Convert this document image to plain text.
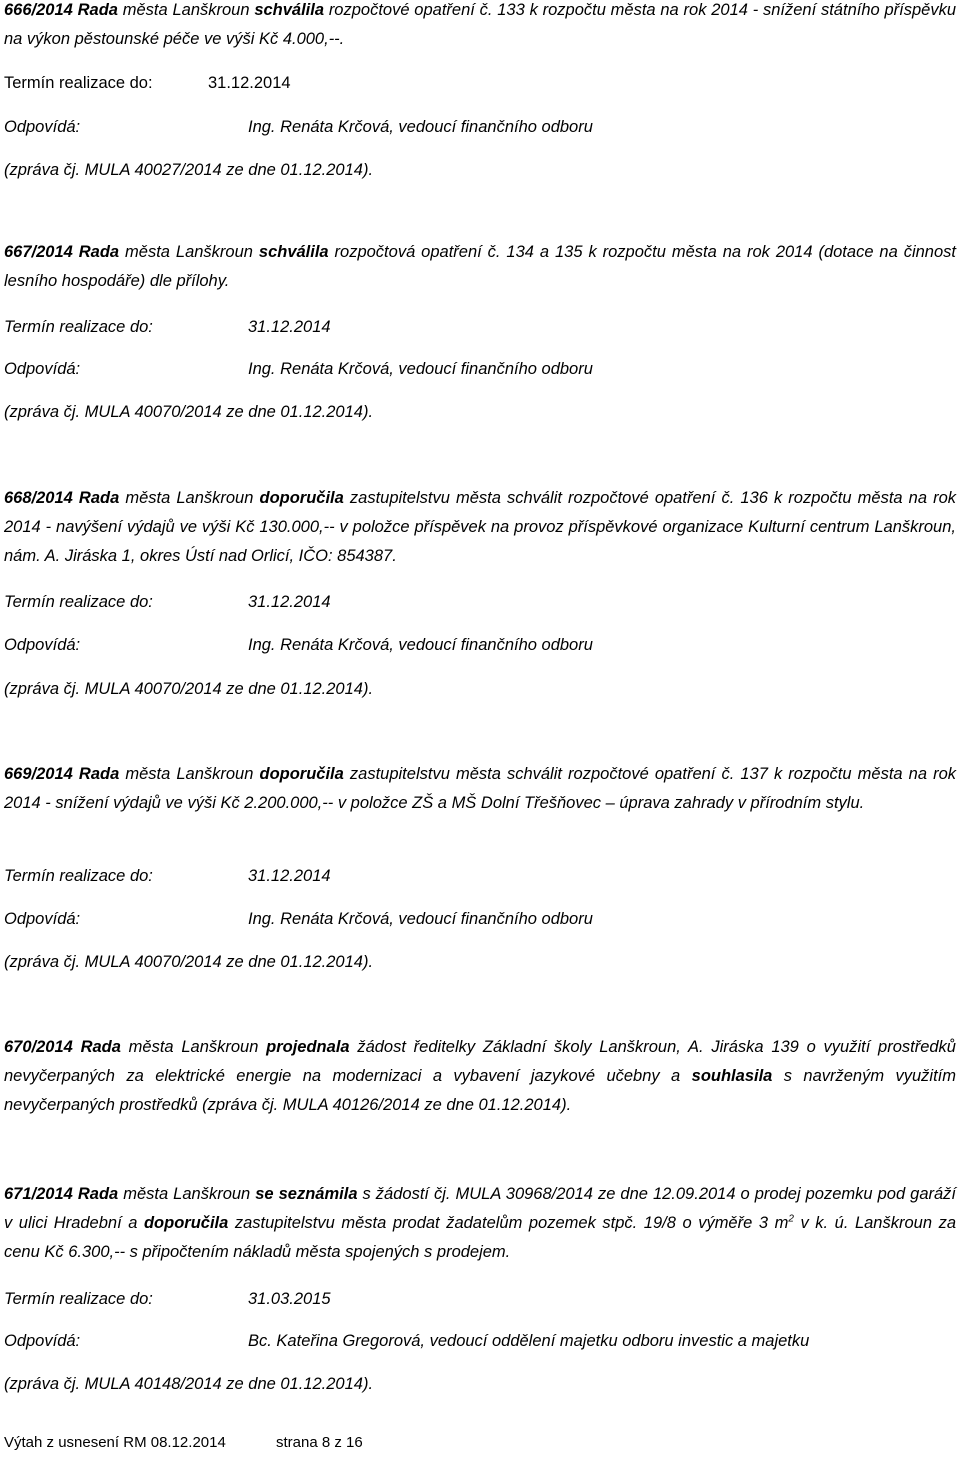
666/2014 Rada města Lanškroun schválila rozpočtové opatření č. 133 k rozpočtu města na rok 2014 - snížení státního příspěvku na výkon pěstounské péče ve výši Kč 4.000,--.
Termín realizace do:	31.12.2014
Odpovídá:	Ing. Renáta Krčová, vedoucí finančního odboru
(zpráva čj. MULA 40027/2014 ze dne 01.12.2014).
667/2014 Rada města Lanškroun schválila rozpočtová opatření č. 134 a 135 k rozpočtu města na rok 2014 (dotace na činnost lesního hospodáře) dle přílohy.
Termín realizace do:	31.12.2014
Odpovídá:	Ing. Renáta Krčová, vedoucí finančního odboru
(zpráva čj. MULA 40070/2014 ze dne 01.12.2014).
668/2014 Rada města Lanškroun doporučila zastupitelstvu města schválit rozpočtové opatření č. 136 k rozpočtu města na rok 2014 - navýšení výdajů ve výši Kč 130.000,-- v položce příspěvek na provoz příspěvkové organizace Kulturní centrum Lanškroun, nám. A. Jiráska 1, okres Ústí nad Orlicí, IČO: 854387.
Termín realizace do:	31.12.2014
Odpovídá:	Ing. Renáta Krčová, vedoucí finančního odboru
(zpráva čj. MULA 40070/2014 ze dne 01.12.2014).
669/2014 Rada města Lanškroun doporučila zastupitelstvu města schválit rozpočtové opatření č. 137 k rozpočtu města na rok 2014 - snížení výdajů ve výši Kč 2.200.000,-- v položce ZŠ a MŠ Dolní Třešňovec – úprava zahrady v přírodním stylu.
Termín realizace do:	31.12.2014
Odpovídá:	Ing. Renáta Krčová, vedoucí finančního odboru
(zpráva čj. MULA 40070/2014 ze dne 01.12.2014).
670/2014 Rada města Lanškroun projednala žádost ředitelky Základní školy Lanškroun, A. Jiráska 139 o využití prostředků nevyčerpaných za elektrické energie na modernizaci a vybavení jazykové učebny a souhlasila s navrženým využitím nevyčerpaných prostředků (zpráva čj. MULA 40126/2014 ze dne 01.12.2014).
671/2014 Rada města Lanškroun se seznámila s žádostí čj. MULA 30968/2014 ze dne 12.09.2014 o prodej pozemku pod garáží v ulici Hradební a doporučila zastupitelstvu města prodat žadatelům pozemek stpč. 19/8 o výměře 3 $m^2$ v k. ú. Lanškroun za cenu Kč 6.300,-- s připočtením nákladů města spojených s prodejem.
Termín realizace do:	31.03.2015
Odpovídá:	Bc. Kateřina Gregorová, vedoucí oddělení majetku odboru investic a majetku
(zpráva čj. MULA 40148/2014 ze dne 01.12.2014).
Výtah z usnesení RM 08.12.2014	strana 8 z 16
